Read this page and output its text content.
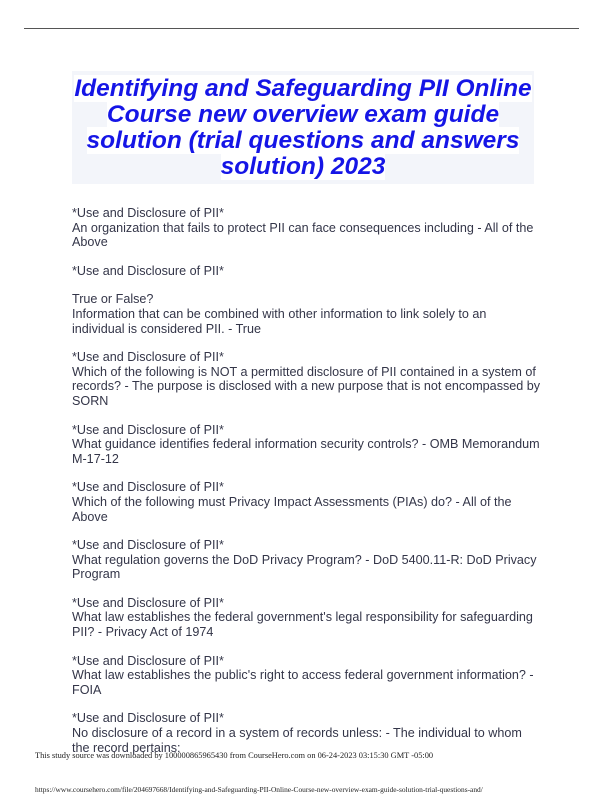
Identifying and Safeguarding PII Online Course new overview exam guide solution (trial questions and answers solution) 2023
*Use and Disclosure of PII*
An organization that fails to protect PII can face consequences including - All of the Above
*Use and Disclosure of PII*
True or False?
Information that can be combined with other information to link solely to an individual is considered PII. - True
*Use and Disclosure of PII*
Which of the following is NOT a permitted disclosure of PII contained in a system of records? - The purpose is disclosed with a new purpose that is not encompassed by SORN
*Use and Disclosure of PII*
What guidance identifies federal information security controls? - OMB Memorandum M-17-12
*Use and Disclosure of PII*
Which of the following must Privacy Impact Assessments (PIAs) do? - All of the Above
*Use and Disclosure of PII*
What regulation governs the DoD Privacy Program? - DoD 5400.11-R: DoD Privacy Program
*Use and Disclosure of PII*
What law establishes the federal government's legal responsibility for safeguarding PII? - Privacy Act of 1974
*Use and Disclosure of PII*
What law establishes the public's right to access federal government information? - FOIA
*Use and Disclosure of PII*
No disclosure of a record in a system of records unless: - The individual to whom the record pertains:
This study source was downloaded by 100000865965430 from CourseHero.com on 06-24-2023 03:15:30 GMT -05:00
https://www.coursehero.com/file/204697668/Identifying-and-Safeguarding-PII-Online-Course-new-overview-exam-guide-solution-trial-questions-and/
